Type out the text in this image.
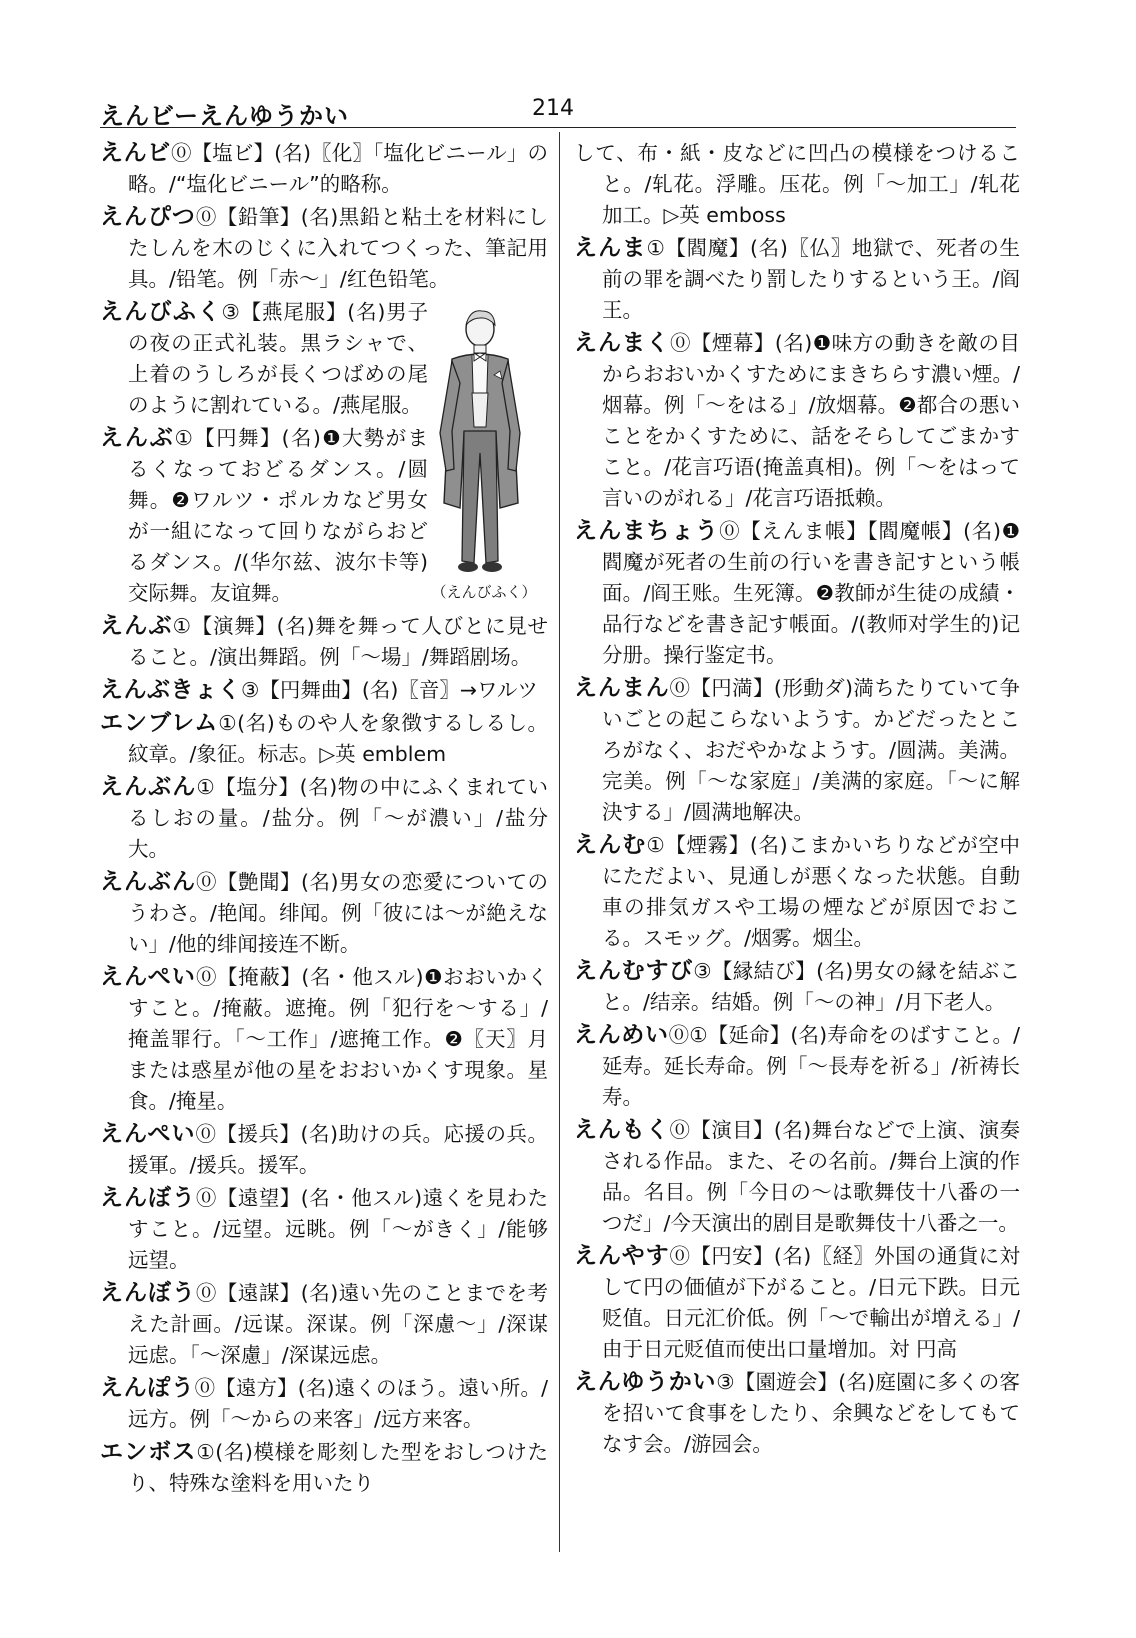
えんビーえんゆうかい	214
えんビ⓪【塩ビ】(名)〖化〗「塩化ビニール」の略。/“塩化ビニール”的略称。
えんぴつ⓪【鉛筆】(名)黒鉛と粘土を材料にしたしんを木のじくに入れてつくった、筆記用具。/铅笔。例「赤～」/红色铅笔。
（えんびふく）
えんびふく③【燕尾服】(名)男子の夜の正式礼装。黒ラシャで、上着のうしろが長くつばめの尾のように割れている。/燕尾服。
えんぶ①【円舞】(名)❶大勢がまるくなっておどるダンス。/圆舞。❷ワルツ・ポルカなど男女が一組になって回りながらおどるダンス。/(华尔兹、波尔卡等)交际舞。友谊舞。
えんぶ①【演舞】(名)舞を舞って人びとに見せること。/演出舞蹈。例「～場」/舞蹈剧场。
えんぶきょく③【円舞曲】(名)〖音〗→ワルツ
エンブレム①(名)ものや人を象徴するしるし。紋章。/象征。标志。▷英 emblem
えんぶん①【塩分】(名)物の中にふくまれているしおの量。/盐分。例「～が濃い」/盐分大。
えんぶん⓪【艶聞】(名)男女の恋愛についてのうわさ。/艳闻。绯闻。例「彼には～が絶えない」/他的绯闻接连不断。
えんぺい⓪【掩蔽】(名・他スル)❶おおいかくすこと。/掩蔽。遮掩。例「犯行を～する」/掩盖罪行。「～工作」/遮掩工作。❷〖天〗月または惑星が他の星をおおいかくす現象。星食。/掩星。
えんぺい⓪【援兵】(名)助けの兵。応援の兵。援軍。/援兵。援军。
えんぼう⓪【遠望】(名・他スル)遠くを見わたすこと。/远望。远眺。例「～がきく」/能够远望。
えんぼう⓪【遠謀】(名)遠い先のことまでを考えた計画。/远谋。深谋。例「深慮～」/深谋远虑。「～深慮」/深谋远虑。
えんぽう⓪【遠方】(名)遠くのほう。遠い所。/远方。例「～からの来客」/远方来客。
エンボス①(名)模様を彫刻した型をおしつけたり、特殊な塗料を用いたり
して、布・紙・皮などに凹凸の模様をつけること。/轧花。浮雕。压花。例「～加工」/轧花加工。▷英 emboss
えんま①【閻魔】(名)〖仏〗地獄で、死者の生前の罪を調べたり罰したりするという王。/阎王。
えんまく⓪【煙幕】(名)❶味方の動きを敵の目からおおいかくすためにまきちらす濃い煙。/烟幕。例「～をはる」/放烟幕。❷都合の悪いことをかくすために、話をそらしてごまかすこと。/花言巧语(掩盖真相)。例「～をはって言いのがれる」/花言巧语抵赖。
えんまちょう⓪【えんま帳】【閻魔帳】(名)❶閻魔が死者の生前の行いを書き記すという帳面。/阎王账。生死簿。❷教師が生徒の成績・品行などを書き記す帳面。/(教师对学生的)记分册。操行鉴定书。
えんまん⓪【円満】(形動ダ)満ちたりていて争いごとの起こらないようす。かどだったところがなく、おだやかなようす。/圆满。美满。完美。例「～な家庭」/美满的家庭。「～に解決する」/圆满地解决。
えんむ①【煙霧】(名)こまかいちりなどが空中にただよい、見通しが悪くなった状態。自動車の排気ガスや工場の煙などが原因でおこる。スモッグ。/烟雾。烟尘。
えんむすび③【縁結び】(名)男女の縁を結ぶこと。/结亲。结婚。例「～の神」/月下老人。
えんめい⓪①【延命】(名)寿命をのばすこと。/延寿。延长寿命。例「～長寿を祈る」/祈祷长寿。
えんもく⓪【演目】(名)舞台などで上演、演奏される作品。また、その名前。/舞台上演的作品。名目。例「今日の～は歌舞伎十八番の一つだ」/今天演出的剧目是歌舞伎十八番之一。
えんやす⓪【円安】(名)〖経〗外国の通貨に対して円の価値が下がること。/日元下跌。日元贬值。日元汇价低。例「～で輸出が増える」/由于日元贬值而使出口量增加。対 円高
えんゆうかい③【園遊会】(名)庭園に多くの客を招いて食事をしたり、余興などをしてもてなす会。/游园会。
